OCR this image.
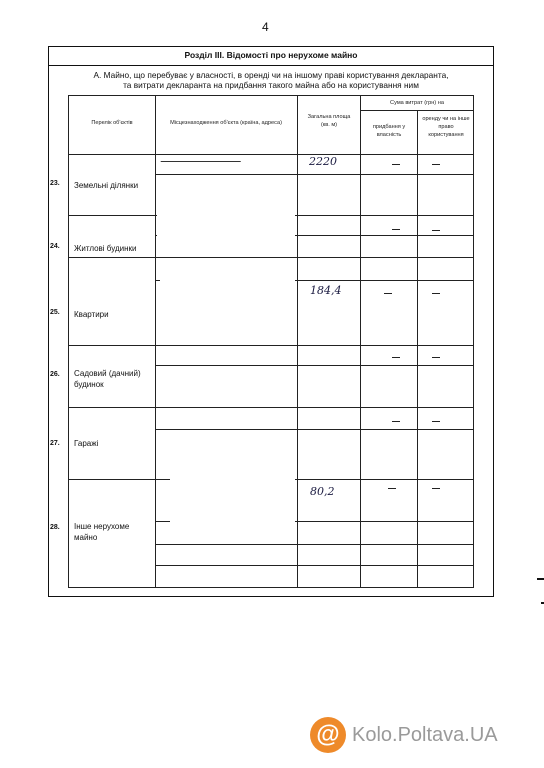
4
Розділ III. Відомості про нерухоме майно
А. Майно, що перебуває у власності, в оренді чи на іншому праві користування декларанта,
та витрати декларанта на придбання такого майна або на користування ним
Перелік об'єктів	Місцезнаходження об'єкта (країна, адреса)
Загальна площа (кв. м)
Сума витрат (грн) на
придбання у власність
оренду чи на інше право користування
23. Земельні ділянки
24. Житлові будинки
25. Квартири
26. Садовий (дачний) будинок
27. Гаражі
28. Інше нерухоме майно
2220
184,4
80,2
@ Kolo.Poltava.UA
